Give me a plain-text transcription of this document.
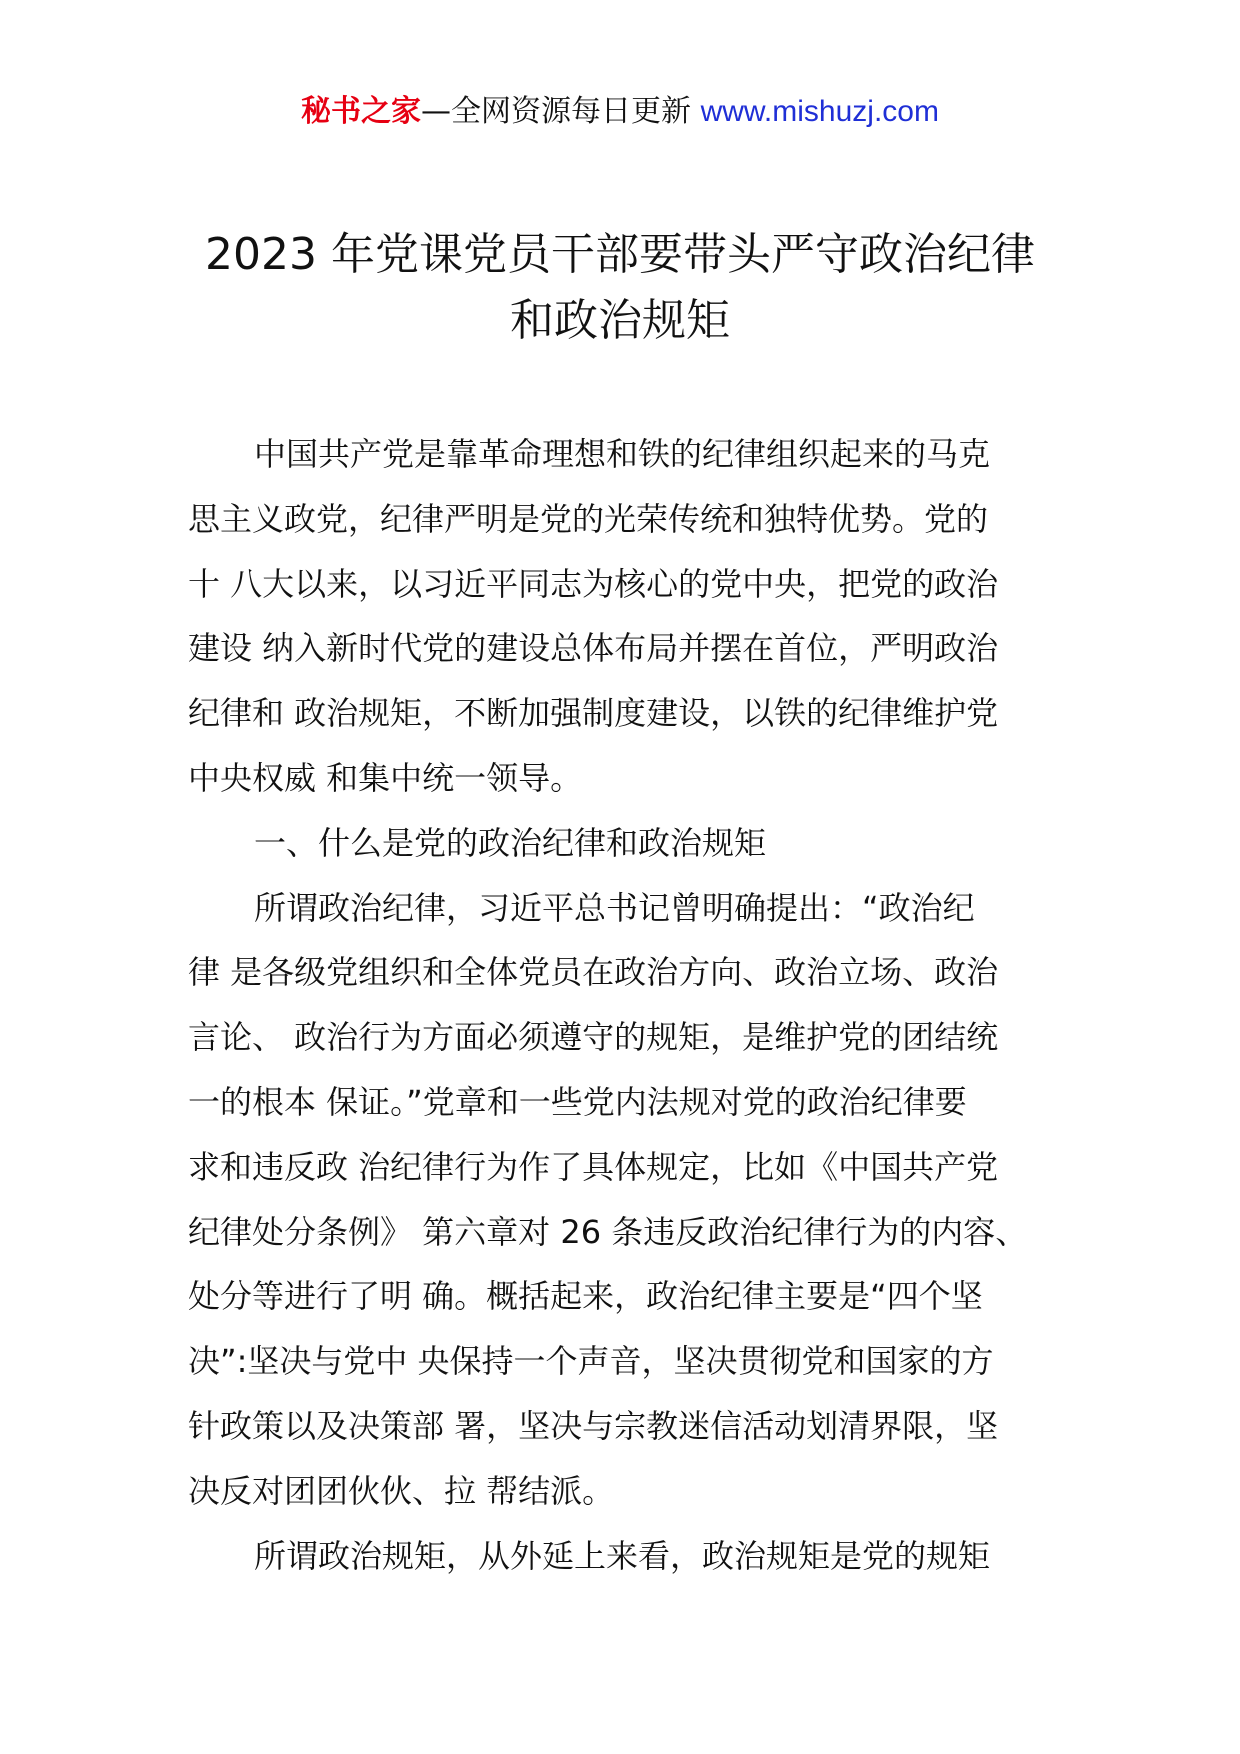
秘书之家—全网资源每日更新 www.mishuzj.com
2023 年党课党员干部要带头严守政治纪律
和政治规矩
中国共产党是靠革命理想和铁的纪律组织起来的马克
思主义政党，纪律严明是党的光荣传统和独特优势。党的
十 八大以来，以习近平同志为核心的党中央，把党的政治
建设 纳入新时代党的建设总体布局并摆在首位，严明政治
纪律和 政治规矩，不断加强制度建设，以铁的纪律维护党
中央权威 和集中统一领导。
一、什么是党的政治纪律和政治规矩
所谓政治纪律，习近平总书记曾明确提出：“政治纪
律 是各级党组织和全体党员在政治方向、政治立场、政治
言论、 政治行为方面必须遵守的规矩，是维护党的团结统
一的根本 保证。”党章和一些党内法规对党的政治纪律要
求和违反政 治纪律行为作了具体规定，比如《中国共产党
纪律处分条例》 第六章对 26 条违反政治纪律行为的内容、
处分等进行了明 确。概括起来，政治纪律主要是“四个坚
决”:坚决与党中 央保持一个声音，坚决贯彻党和国家的方
针政策以及决策部 署，坚决与宗教迷信活动划清界限，坚
决反对团团伙伙、拉 帮结派。
所谓政治规矩，从外延上来看，政治规矩是党的规矩
